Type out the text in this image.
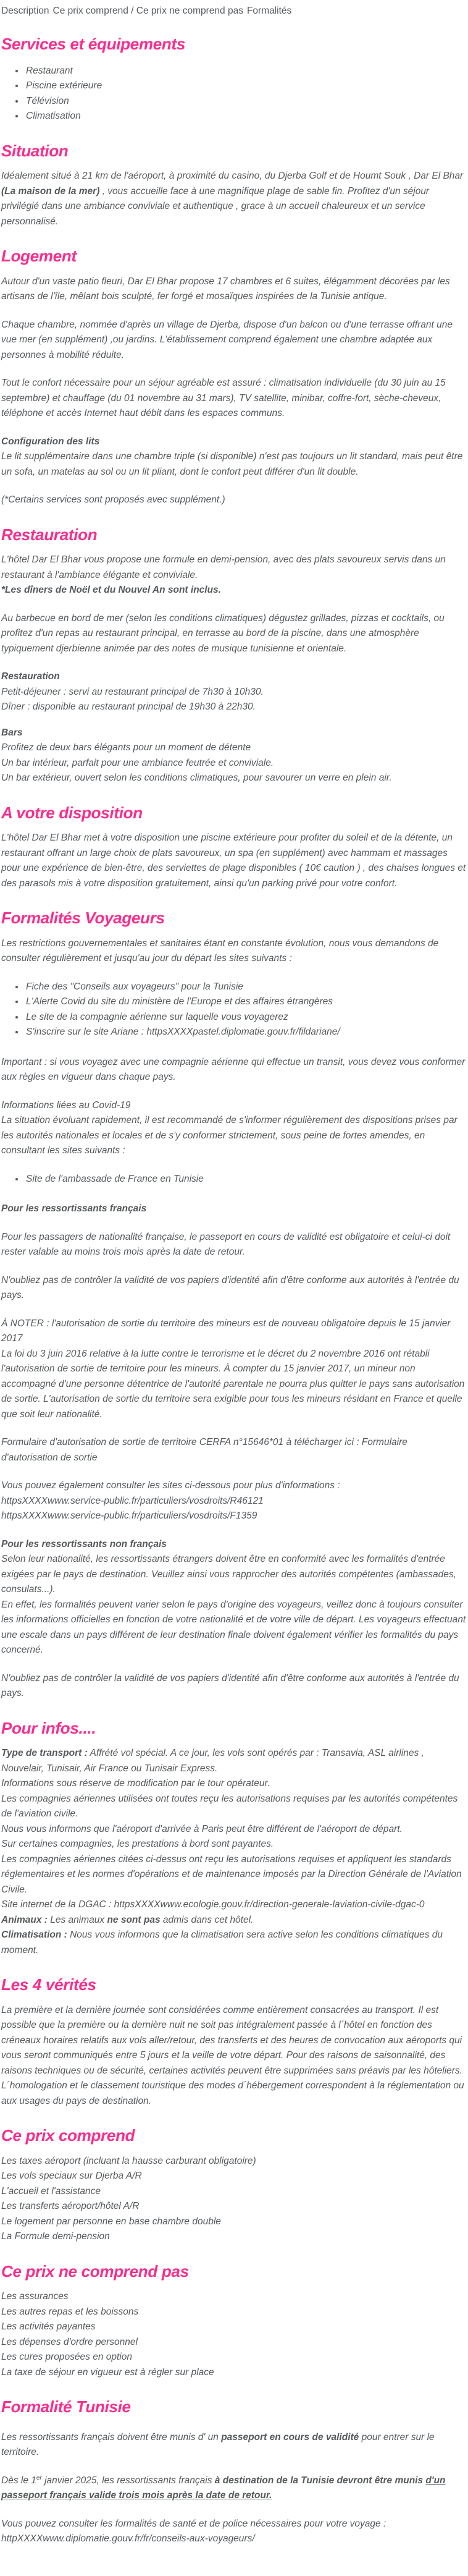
Description Ce prix comprend / Ce prix ne comprend pas Formalités
Services et équipements
• Restaurant
• Piscine extérieure
• Télévision
• Climatisation
Situation

Idéalement situé à 21 km de l'aéroport, à proximité du casino, du Djerba Golf et de Houmt Souk , Dar El Bhar (La maison de la mer) , vous accueille face à une magnifique plage de sable fin. Profitez d'un séjour privilégié dans une ambiance conviviale et authentique , grace à un accueil chaleureux et un service personnalisé.

Logement

Autour d'un vaste patio fleuri, Dar El Bhar propose 17 chambres et 6 suites, élégamment décorées par les artisans de l'île, mêlant bois sculpté, fer forgé et mosaïques inspirées de la Tunisie antique.

Chaque chambre, nommée d'après un village de Djerba, dispose d'un balcon ou d'une terrasse offrant une vue mer (en supplément) ,ou jardins. L'établissement comprend également une chambre adaptée aux personnes à mobilité réduite.

Tout le confort nécessaire pour un séjour agréable est assuré : climatisation individuelle (du 30 juin au 15 septembre) et chauffage (du 01 novembre au 31 mars), TV satellite, minibar, coffre-fort, sèche-cheveux, téléphone et accès Internet haut débit dans les espaces communs.

Configuration des lits

Le lit supplémentaire dans une chambre triple (si disponible) n'est pas toujours un lit standard, mais peut être un sofa, un matelas au sol ou un lit pliant, dont le confort peut différer d'un lit double.

(*Certains services sont proposés avec supplément.)

Restauration

L'hôtel Dar El Bhar vous propose une formule en demi-pension, avec des plats savoureux servis dans un restaurant à l'ambiance élégante et conviviale.

*Les dîners de Noël et du Nouvel An sont inclus.

Au barbecue en bord de mer (selon les conditions climatiques) dégustez grillades, pizzas et cocktails, ou profitez d'un repas au restaurant principal, en terrasse au bord de la piscine, dans une atmosphère typiquement djerbienne animée par des notes de musique tunisienne et orientale.

Restauration

Petit-déjeuner : servi au restaurant principal de 7h30 à 10h30.

Dîner : disponible au restaurant principal de 19h30 à 22h30.

Bars

Profitez de deux bars élégants pour un moment de détente

Un bar intérieur, parfait pour une ambiance feutrée et conviviale.

Un bar extérieur, ouvert selon les conditions climatiques, pour savourer un verre en plein air.

A votre disposition

L'hôtel Dar El Bhar met à votre disposition une piscine extérieure pour profiter du soleil et de la détente, un restaurant offrant un large choix de plats savoureux, un spa (en supplément) avec hammam et massages pour une expérience de bien-être, des serviettes de plage disponibles ( 10€ caution ) , des chaises longues et des parasols mis à votre disposition gratuitement, ainsi qu'un parking privé pour votre confort.

Formalités Voyageurs

Les restrictions gouvernementales et sanitaires étant en constante évolution, nous vous demandons de consulter régulièrement et jusqu'au jour du départ les sites suivants :

• Fiche des "Conseils aux voyageurs" pour la Tunisie
• L'Alerte Covid du site du ministère de l'Europe et des affaires étrangères
• Le site de la compagnie aérienne sur laquelle vous voyagerez
• S'inscrire sur le site Ariane : httpsXXXXpastel.diplomatie.gouv.fr/fildariane/

Important : si vous voyagez avec une compagnie aérienne qui effectue un transit, vous devez vous conformer aux règles en vigueur dans chaque pays.

Informations liées au Covid-19

La situation évoluant rapidement, il est recommandé de s'informer régulièrement des dispositions prises par les autorités nationales et locales et de s'y conformer strictement, sous peine de fortes amendes, en consultant les sites suivants :

• Site de l'ambassade de France en Tunisie

Pour les ressortissants français

Pour les passagers de nationalité française, le passeport en cours de validité est obligatoire et celui-ci doit rester valable au moins trois mois après la date de retour.

N'oubliez pas de contrôler la validité de vos papiers d'identité afin d'être conforme aux autorités à l'entrée du pays.

À NOTER : l'autorisation de sortie du territoire des mineurs est de nouveau obligatoire depuis le 15 janvier 2017
La loi du 3 juin 2016 relative à la lutte contre le terrorisme et le décret du 2 novembre 2016 ont rétabli l'autorisation de sortie de territoire pour les mineurs. À compter du 15 janvier 2017, un mineur non accompagné d'une personne détentrice de l'autorité parentale ne pourra plus quitter le pays sans autorisation de sortie. L'autorisation de sortie du territoire sera exigible pour tous les mineurs résidant en France et quelle que soit leur nationalité.

Formulaire d'autorisation de sortie de territoire CERFA n°15646*01 à télécharger ici : Formulaire d'autorisation de sortie

Vous pouvez également consulter les sites ci-dessous pour plus d'informations :
httpsXXXXwww.service-public.fr/particuliers/vosdroits/R46121
httpsXXXXwww.service-public.fr/particuliers/vosdroits/F1359

Pour les ressortissants non français

Selon leur nationalité, les ressortissants étrangers doivent être en conformité avec les formalités d'entrée exigées par le pays de destination. Veuillez ainsi vous rapprocher des autorités compétentes (ambassades, consulats...).
En effet, les formalités peuvent varier selon le pays d'origine des voyageurs, veillez donc à toujours consulter les informations officielles en fonction de votre nationalité et de votre ville de départ. Les voyageurs effectuant une escale dans un pays différent de leur destination finale doivent également vérifier les formalités du pays concerné.

N'oubliez pas de contrôler la validité de vos papiers d'identité afin d'être conforme aux autorités à l'entrée du pays.

Pour infos....

Type de transport : Affrété vol spécial. A ce jour, les vols sont opérés par : Transavia, ASL airlines , Nouvelair, Tunisair, Air France ou Tunisair Express.

Informations sous réserve de modification par le tour opérateur.

Les compagnies aériennes utilisées ont toutes reçu les autorisations requises par les autorités compétentes de l'aviation civile.

Nous vous informons que l'aéroport d'arrivée à Paris peut être différent de l'aéroport de départ.

Sur certaines compagnies, les prestations à bord sont payantes.

Les compagnies aériennes citées ci-dessus ont reçu les autorisations requises et appliquent les standards réglementaires et les normes d'opérations et de maintenance imposés par la Direction Générale de l'Aviation Civile.

Site internet de la DGAC : httpsXXXXwww.ecologie.gouv.fr/direction-generale-laviation-civile-dgac-0

Animaux : Les animaux ne sont pas admis dans cet hôtel.

Climatisation : Nous vous informons que la climatisation sera active selon les conditions climatiques du moment.

Les 4 vérités

La première et la dernière journée sont considérées comme entièrement consacrées au transport. Il est possible que la première ou la dernière nuit ne soit pas intégralement passée à l´hôtel en fonction des créneaux horaires relatifs aux vols aller/retour, des transferts et des heures de convocation aux aéroports qui vous seront communiqués entre 5 jours et la veille de votre départ. Pour des raisons de saisonnalité, des raisons techniques ou de sécurité, certaines activités peuvent être supprimées sans préavis par les hôteliers. L´homologation et le classement touristique des modes d´hébergement correspondent à la réglementation ou aux usages du pays de destination.

Ce prix comprend

Les taxes aéroport (incluant la hausse carburant obligatoire)

Les vols speciaux sur Djerba A/R

L'accueil et l'assistance

Les transferts aéroport/hôtel A/R

Le logement par personne en base chambre double

La Formule demi-pension

Ce prix ne comprend pas

Les assurances

Les autres repas et les boissons

Les activités payantes

Les dépenses d'ordre personnel

Les cures proposées en option

La taxe de séjour en vigueur est à régler sur place

Formalité Tunisie

Les ressortissants français doivent être munis d' un passeport en cours de validité pour entrer sur le territoire.

Dès le 1er janvier 2025, les ressortissants français à destination de la Tunisie devront être munis d'un passeport français valide trois mois après la date de retour.

Vous pouvez consulter les formalités de santé et de police nécessaires pour votre voyage :

httpXXXXwww.diplomatie.gouv.fr/fr/conseils-aux-voyageurs/
